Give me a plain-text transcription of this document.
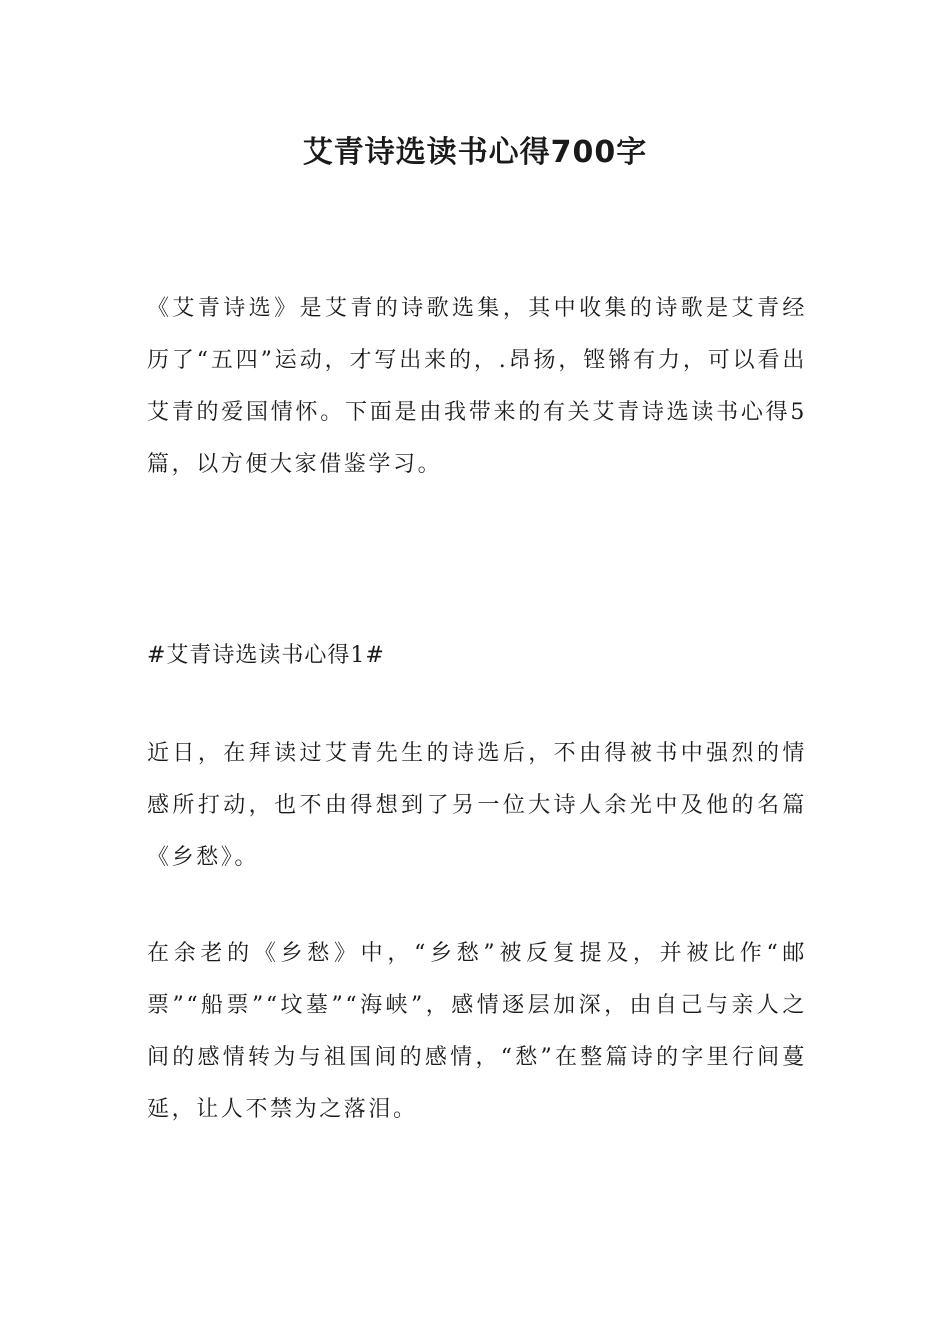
艾青诗选读书心得700字

《艾青诗选》是艾青的诗歌选集，其中收集的诗歌是艾青经历了“五四”运动，才写出来的，.昂扬，铿锵有力，可以看出艾青的爱国情怀。下面是由我带来的有关艾青诗选读书心得5篇，以方便大家借鉴学习。

#艾青诗选读书心得1#

近日，在拜读过艾青先生的诗选后，不由得被书中强烈的情感所打动，也不由得想到了另一位大诗人余光中及他的名篇《乡愁》。

在余老的《乡愁》中，“乡愁”被反复提及，并被比作“邮票”“船票”“坟墓”“海峡”，感情逐层加深，由自己与亲人之间的感情转为与祖国间的感情，“愁”在整篇诗的字里行间蔓延，让人不禁为之落泪。
